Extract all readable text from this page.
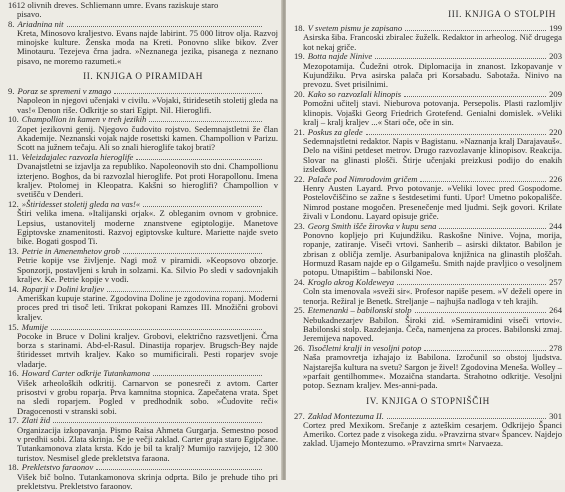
1612 olivnih dreves. Schliemann umre. Evans raziskuje staro
pisavo.
8. Ariadnina nit
Kreta, Minosovo kraljestvo. Evans najde labirint. 75 000 litrov olja. Razvoj minojske kulture. Ženska moda na Kreti. Ponovno slike bikov. Zver Minotauru. Tezejeva črna jadra. »Neznanega jezika, pisanega z neznano pisavo, ne moremo razumeti.«
II. KNJIGA O PIRAMIDAH
9. Poraz se spremeni v zmago
Napoleon in njegovi učenjaki v civilu. »Vojaki, štiridesetih stoletij gleda na vas!« Denon riše. Odkritje so stari Egipt. Nil. Hieroglifi.
10. Champollion in kamen v treh jezikih
Zopet jezikovni genij. Njegovo čudovito rojstvo. Sedemnajstletni že član Akademije. Neznanski vojak najde rosettski kamen. Champollion v Parizu. Scott na južnem tečaju. Ali so znali hieroglife takoj brati?
11. Veleizdajalec razvozla hieroglife
Dvanajstletni se izjavlja za republiko. Napoleonovih sto dni. Champollionu izterjeno. Boghos, da bi razvozlal hieroglife. Pot proti Horapollonu. Imena kraljev. Ptolomej in Kleopatra. Kakšni so hieroglifi? Champollion v svetišču v Denderi.
12. »Štiridesset stoletij gleda na vas!«
Štiri velika imena. »Italijanski orjak«. Z obleganim ovnom v grobnice. Lepsius, ustanovitelj moderne znanstvene egiptologije. Manetove Egiptovske znamenitosti. Razvoj egiptovske kulture. Mariette najde sveto bike. Bogati gospod Ti.
13. Petrie in Amenemhetov grob
Petrie kopije vse življenje. Nagi mož v piramidi. »Keopsovo obzorje. Sponzorji, postavljeni s kruh in solzami. Ka. Silvio Po sledi v sadovnjakih kraljev. Ke. Petrie kopije v vodi.
14. Roparji v Dolini kraljev
Ameriškan kupuje starine. Zgodovina Doline je zgodovina ropanj. Moderni proces pred tri tisoč leti. Trikrat pokopani Ramzes III. Množični grobovi kraljev.
15. Mumije
Pocoke in Bruce v Dolini kraljev. Grobovi, električno razsvetljeni. Črna borza s starinami. Abd-el-Rasul. Dinastija roparjev. Brugsch-Bey najde štiridesset mrtvih kraljev. Kako so mumificirali. Pesti roparjev svoje vladarje.
16. Howard Carter odkrije Tutankamona
Višek arheoloških odkritij. Carnarvon se ponesreči z avtom. Carter prisostvi v grobu roparja. Prva kamnitna stopnica. Zapečatena vrata. Spet na sledi roparjem. Pogled v predhodnik sobo. »Čudovite reči« Dragocenosti v stranski sobi.
17. Zlati žid
Organizacija izkopavanja. Pismo Raisa Ahmeta Gurgarja. Semestno posod v predhii sobi. Zlata skrinja. Še je večji zaklad. Carter graja staro Egipčane. Tutankamonova zlata krsta. Kdo je bil ta kralj? Mumijo razvijejo, 12 300 turistov. Nesmisel glede prekletstva faraona.
18. Prekletstvo faraonov
Višek bič bolno. Tutankamonova skrinja odprta. Bilo je prehude tiho pri prekletstvu. Prekletstvo faraonov.
III. KNJIGA O STOLPIH
18. V svetem pismu je zapisano	199
Asirska šiba. Francoski zbiralec žuželk. Redaktor in arheolog. Nič drugega kot nekaj griče.
19. Botta najde Ninive	203
Mezopotamija. Čudežni otrok. Diplomacija in znanost. Izkopavanje v Kujundžiku. Prva asirska palača pri Korsabadu. Sabotaža. Ninivo na prevozu. Svet prisilnimi.
20. Kako so razvozlali klinopis	209
Pomožni učitelj stavi. Nieburova potovanja. Persepolis. Plasti razlomljiv klinopis. Vojaški Georg Friedrich Grotefend. Genialni domislek. »Veliki kralj – kralj kraljev ...« Stari oče, oče in sin.
21. Poskus za glede	220
Sedemnajstletni redaktor. Napis v Bagistanu. »Naznanja kralj Darajavauš«. Delo na višini petdeset metrov. Drugo razvozlavanje klinopisov. Reakcija. Slovar na glinasti plošči. Štirje učenjaki preizkusi podijo do enakih izsledkov.
22. Palače pod Nimrodovim gričem	226
Henry Austen Layard. Prvo potovanje. »Veliki lovec pred Gospodome. Postelovčiščino se zažne s šestdesetimi funti. Upor! Umetno pokopališče. Nimrod postane mogočen. Presenečenje med ljudmi. Sejk govori. Krilate živali v Londonu. Layard opisuje griče.
23. Georg Smith išče žirovka v kupu sena	244
Ponovno kopljejo pri Kujundžiku. Raskošne Ninive. Vojna, morija, ropanje, zatiranje. Viseči vrtovi. Sanherib – asirski diktator. Babilon je zbrisan z obličja zemlje. Asurbanipalova knjižnica na glinastih ploščah. Hormuzd Rasam najde ep o Gilgamešu. Smith najde pravljico o vesoljnem potopu. Utnapištim – babilonski Noe.
24. Kroglo akrog Koldeweya	257
Coln sta imenovala »sveži sir«. Profesor napiše pesem. »V deželi opere in tenorja. Režiral je Benetk. Streljanje – najhujša nadloga v teh krajih.
25. Etemenanki – babilonski stolp	264
Nebukadnezarjev Babilon. Široki zid. »Semiramidini viseči vrtovi«. Babilonski stolp. Razdejanja. Čeča, namenjena za proces. Babilonski zmaj. Jeremijeva napoved.
26. Tisočletni kralji in vesoljni potop	278
Naša pramovretja izhajajo iz Babilona. Izročunil so obstoj ljudstva. Najstarejša kultura na svetu? Sargon je živel! Zgodovina Meneša. Wolley – »parfait gentilhomme«. Mozaična standarta. Strahotno odkritje. Vesoljni potop. Seznam kraljev. Mes-anni-pada.
IV. KNJIGA O STOPNIŠČIH
27. Zaklad Montezuma II.	301
Cortez pred Mexikom. Srečanje z azteškim cesarjem. Odkrijejo Španci Ameriko. Cortez pade z visokega zidu. »Pravzirna stvar« Špancev. Najdejo zaklad. Ujamejo Montezumo. »Pravzirna smrt« Narvaeza.
